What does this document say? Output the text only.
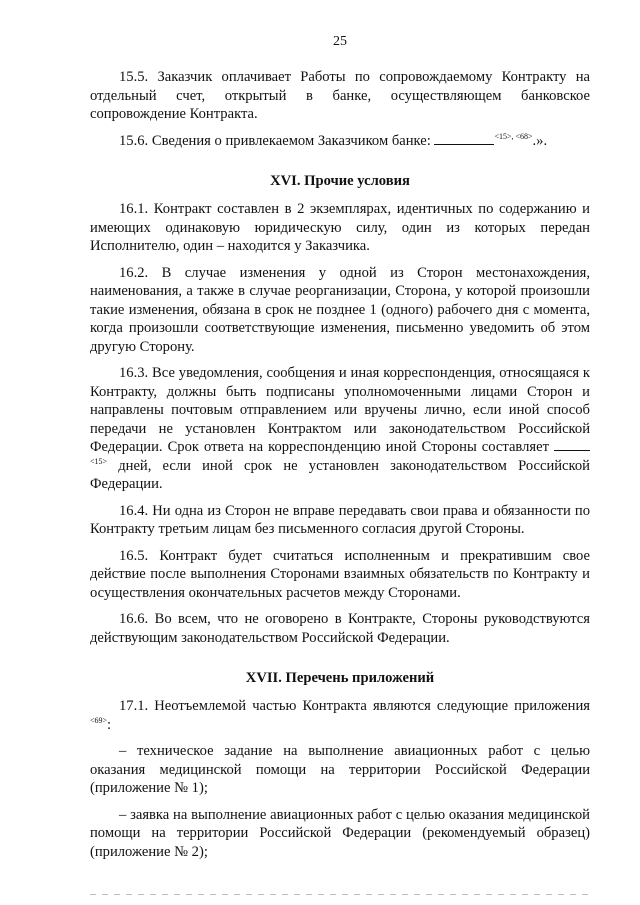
25

15.5. Заказчик оплачивает Работы по сопровождаемому Контракту на отдельный счет, открытый в банке, осуществляющем банковское сопровождение Контракта.

15.6. Сведения о привлекаемом Заказчиком банке:	$^{<15>, <68>}$.».

XVI. Прочие условия

16.1. Контракт составлен в 2 экземплярах, идентичных по содержанию и имеющих одинаковую юридическую силу, один из которых передан Исполнителю, один – находится у Заказчика.

16.2. В случае изменения у одной из Сторон местонахождения, наименования, а также в случае реорганизации, Сторона, у которой произошли такие изменения, обязана в срок не позднее 1 (одного) рабочего дня с момента, когда произошли соответствующие изменения, письменно уведомить об этом другую Сторону.

16.3. Все уведомления, сообщения и иная корреспонденция, относящаяся к Контракту, должны быть подписаны уполномоченными лицами Сторон и направлены почтовым отправлением или вручены лично, если иной способ передачи не установлен Контрактом или законодательством Российской Федерации. Срок ответа на корреспонденцию иной Стороны составляет $^{<15>}$ дней, если иной срок не установлен законодательством Российской Федерации.

16.4. Ни одна из Сторон не вправе передавать свои права и обязанности по Контракту третьим лицам без письменного согласия другой Стороны.

16.5. Контракт будет считаться исполненным и прекратившим свое действие после выполнения Сторонами взаимных обязательств по Контракту и осуществления окончательных расчетов между Сторонами.

16.6. Во всем, что не оговорено в Контракте, Стороны руководствуются действующим законодательством Российской Федерации.

XVII. Перечень приложений

17.1. Неотъемлемой частью Контракта являются следующие приложения $^{<69>}$:

– техническое задание на выполнение авиационных работ с целью оказания медицинской помощи на территории Российской Федерации (приложение № 1);

– заявка на выполнение авиационных работ с целью оказания медицинской помощи на территории Российской Федерации (рекомендуемый образец) (приложение № 2);
